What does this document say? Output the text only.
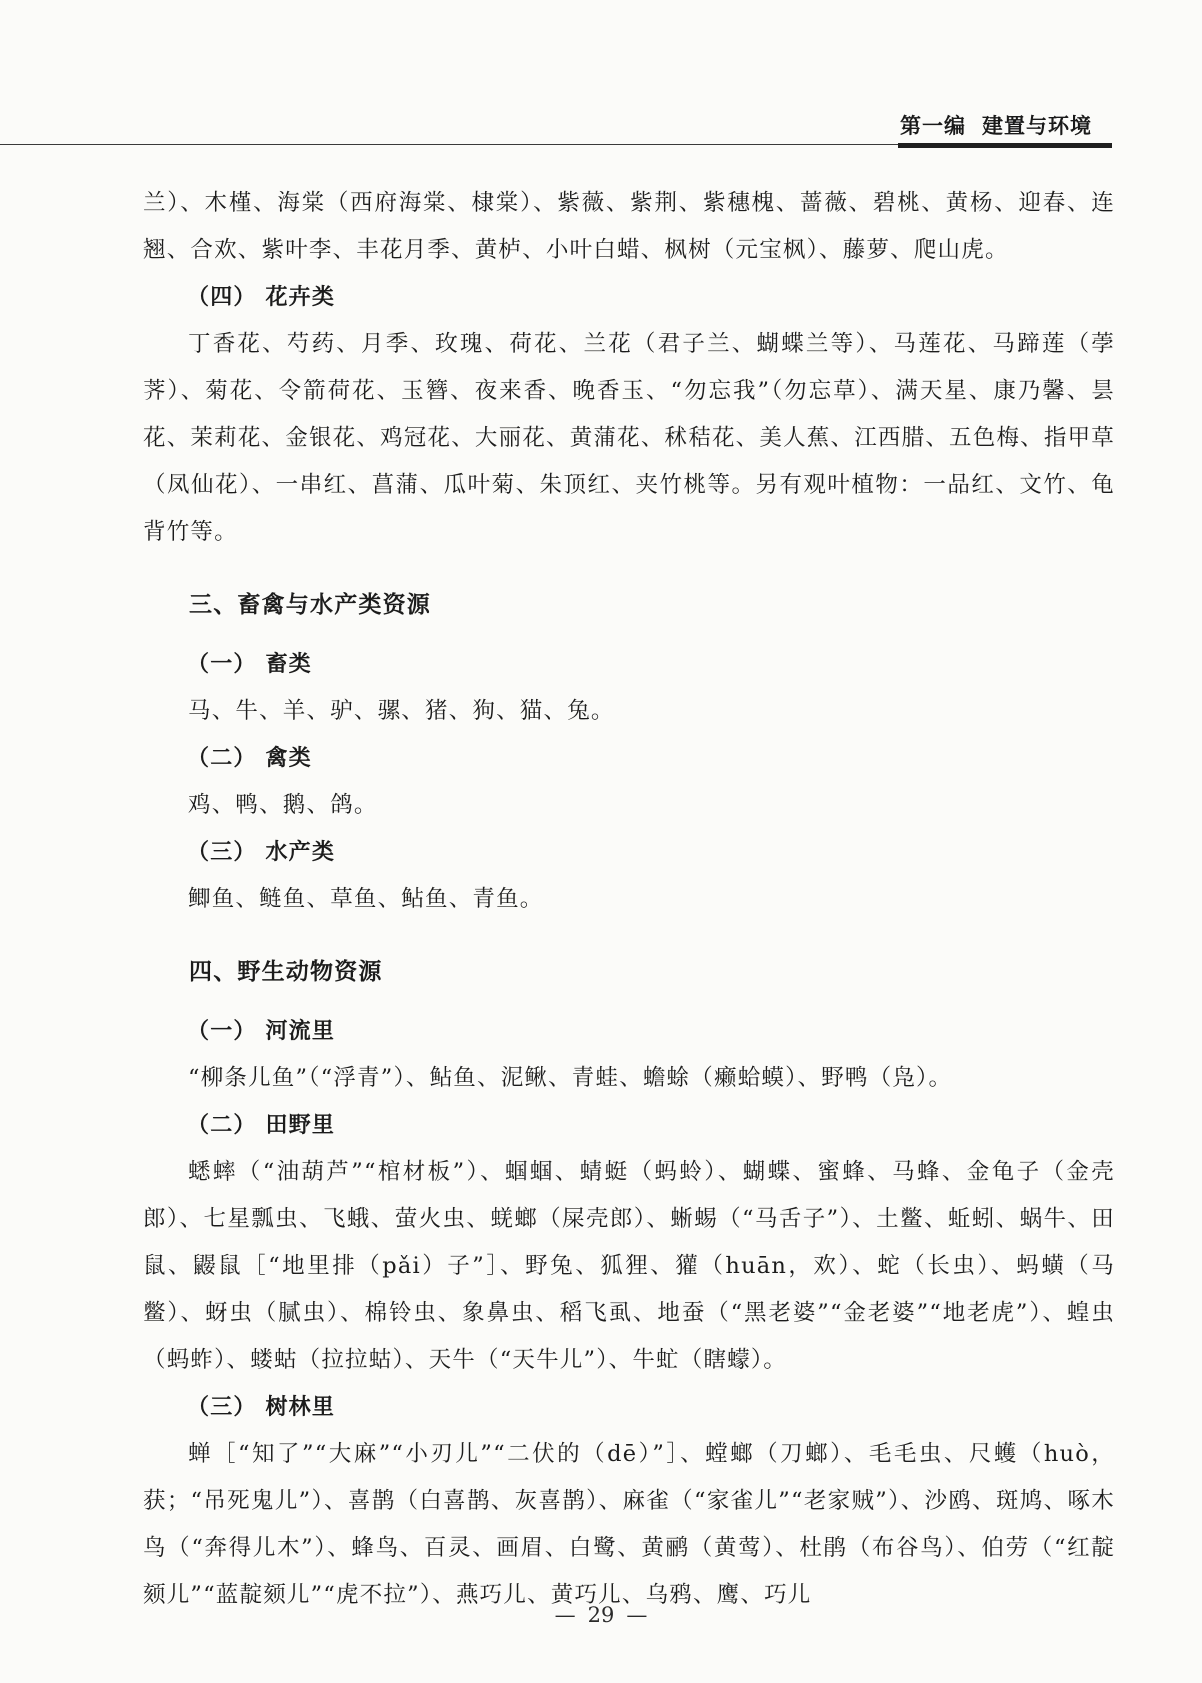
第一编 建置与环境

兰）、木槿、海棠（西府海棠、棣棠）、紫薇、紫荆、紫穗槐、蔷薇、碧桃、黄杨、迎春、连翘、合欢、紫叶李、丰花月季、黄栌、小叶白蜡、枫树（元宝枫）、藤萝、爬山虎。

（四） 花卉类

丁香花、芍药、月季、玫瑰、荷花、兰花（君子兰、蝴蝶兰等）、马莲花、马蹄莲（荸荠）、菊花、令箭荷花、玉簪、夜来香、晚香玉、“勿忘我”（勿忘草）、满天星、康乃馨、昙花、茉莉花、金银花、鸡冠花、大丽花、黄蒲花、秫秸花、美人蕉、江西腊、五色梅、指甲草（凤仙花）、一串红、菖蒲、瓜叶菊、朱顶红、夹竹桃等。另有观叶植物：一品红、文竹、龟背竹等。

三、畜禽与水产类资源
（一） 畜类

马、牛、羊、驴、骡、猪、狗、猫、兔。

（二） 禽类

鸡、鸭、鹅、鸽。

（三） 水产类

鲫鱼、鲢鱼、草鱼、鲇鱼、青鱼。

四、野生动物资源
（一） 河流里

“柳条儿鱼”（“浮青”）、鲇鱼、泥鳅、青蛙、蟾蜍（癞蛤蟆）、野鸭（凫）。

（二） 田野里

蟋蟀（“油葫芦”“棺材板”）、蝈蝈、蜻蜓（蚂蛉）、蝴蝶、蜜蜂、马蜂、金龟子（金壳郎）、七星瓢虫、飞蛾、萤火虫、蜣螂（屎壳郎）、蜥蜴（“马舌子”）、土鳖、蚯蚓、蜗牛、田鼠、鼹鼠［“地里排（pǎi）子”］、野兔、狐狸、獾（huān，欢）、蛇（长虫）、蚂蟥（马鳖）、蚜虫（腻虫）、棉铃虫、象鼻虫、稻飞虱、地蚕（“黑老婆”“金老婆”“地老虎”）、蝗虫（蚂蚱）、蝼蛄（拉拉蛄）、天牛（“天牛儿”）、牛虻（瞎蠓）。

（三） 树林里

蝉［“知了”“大麻”“小刃儿”“二伏的（dē）”］、螳螂（刀螂）、毛毛虫、尺蠖（huò，获；“吊死鬼儿”）、喜鹊（白喜鹊、灰喜鹊）、麻雀（“家雀儿”“老家贼”）、沙鸥、斑鸠、啄木鸟（“奔得儿木”）、蜂鸟、百灵、画眉、白鹭、黄鹂（黄莺）、杜鹃（布谷鸟）、伯劳（“红靛颏儿”“蓝靛颏儿”“虎不拉”）、燕巧儿、黄巧儿、乌鸦、鹰、巧儿

— 29 —
